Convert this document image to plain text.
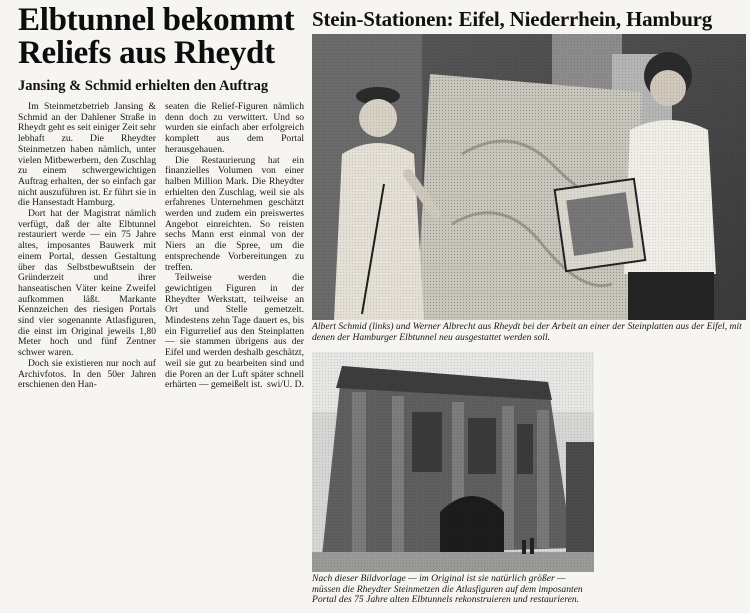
Elbtunnel bekommt
Reliefs aus Rheydt
Jansing & Schmid erhielten den Auftrag
Stein-Stationen: Eifel, Niederrhein, Hamburg

Im Steinmetzbetrieb Jansing & Schmid an der Dahlener Straße in Rheydt geht es seit einiger Zeit sehr lebhaft zu. Die Rheydter Steinmetzen haben nämlich, unter vielen Mitbewerbern, den Zuschlag zu einem schwergewichtigen Auftrag erhalten, der so einfach gar nicht auszuführen ist. Er führt sie in die Hansestadt Hamburg.

Dort hat der Magistrat nämlich verfügt, daß der alte Elbtunnel restauriert werde — ein 75 Jahre altes, imposantes Bauwerk mit einem Portal, dessen Gestaltung über das Selbstbewußtsein der Gründerzeit und ihrer hanseatischen Väter keine Zweifel aufkommen läßt. Markante Kennzeichen des riesigen Portals sind vier sogenannte Atlasfiguren, die einst im Original jeweils 1,80 Meter hoch und fünf Zentner schwer waren.

Doch sie existieren nur noch auf Archivfotos. In den 50er Jahren erschienen den Han-

seaten die Relief-Figuren nämlich denn doch zu verwittert. Und so wurden sie einfach aber erfolgreich komplett aus dem Portal herausgehauen.

Die Restaurierung hat ein finanzielles Volumen von einer halben Million Mark. Die Rheydter erhielten den Zuschlag, weil sie als erfahrenes Unternehmen geschätzt werden und zudem ein preiswertes Angebot einreichten. So reisten sechs Mann erst einmal von der Niers an die Spree, um die entsprechende Vorbereitungen zu treffen.

Teilweise werden die gewichtigen Figuren in der Rheydter Werkstatt, teilweise an Ort und Stelle gemetzelt. Mindestens zehn Tage dauert es, bis ein Figurrelief aus den Steinplatten — sie stammen übrigens aus der Eifel und werden deshalb geschätzt, weil sie gut zu bearbeiten sind und die Poren an der Luft später schnell erhärten — gemeißelt ist. swi/U. D.

Albert Schmid (links) und Werner Albrecht aus Rheydt bei der Arbeit an einer der Steinplatten aus der Eifel, mit denen der Hamburger Elbtunnel neu ausgestattet werden soll.

Nach dieser Bildvorlage — im Original ist sie natürlich größer — müssen die Rheydter Steinmetzen die Atlasfiguren auf dem imposanten Portal des 75 Jahre alten Elbtunnels rekonstruieren und restaurieren.
